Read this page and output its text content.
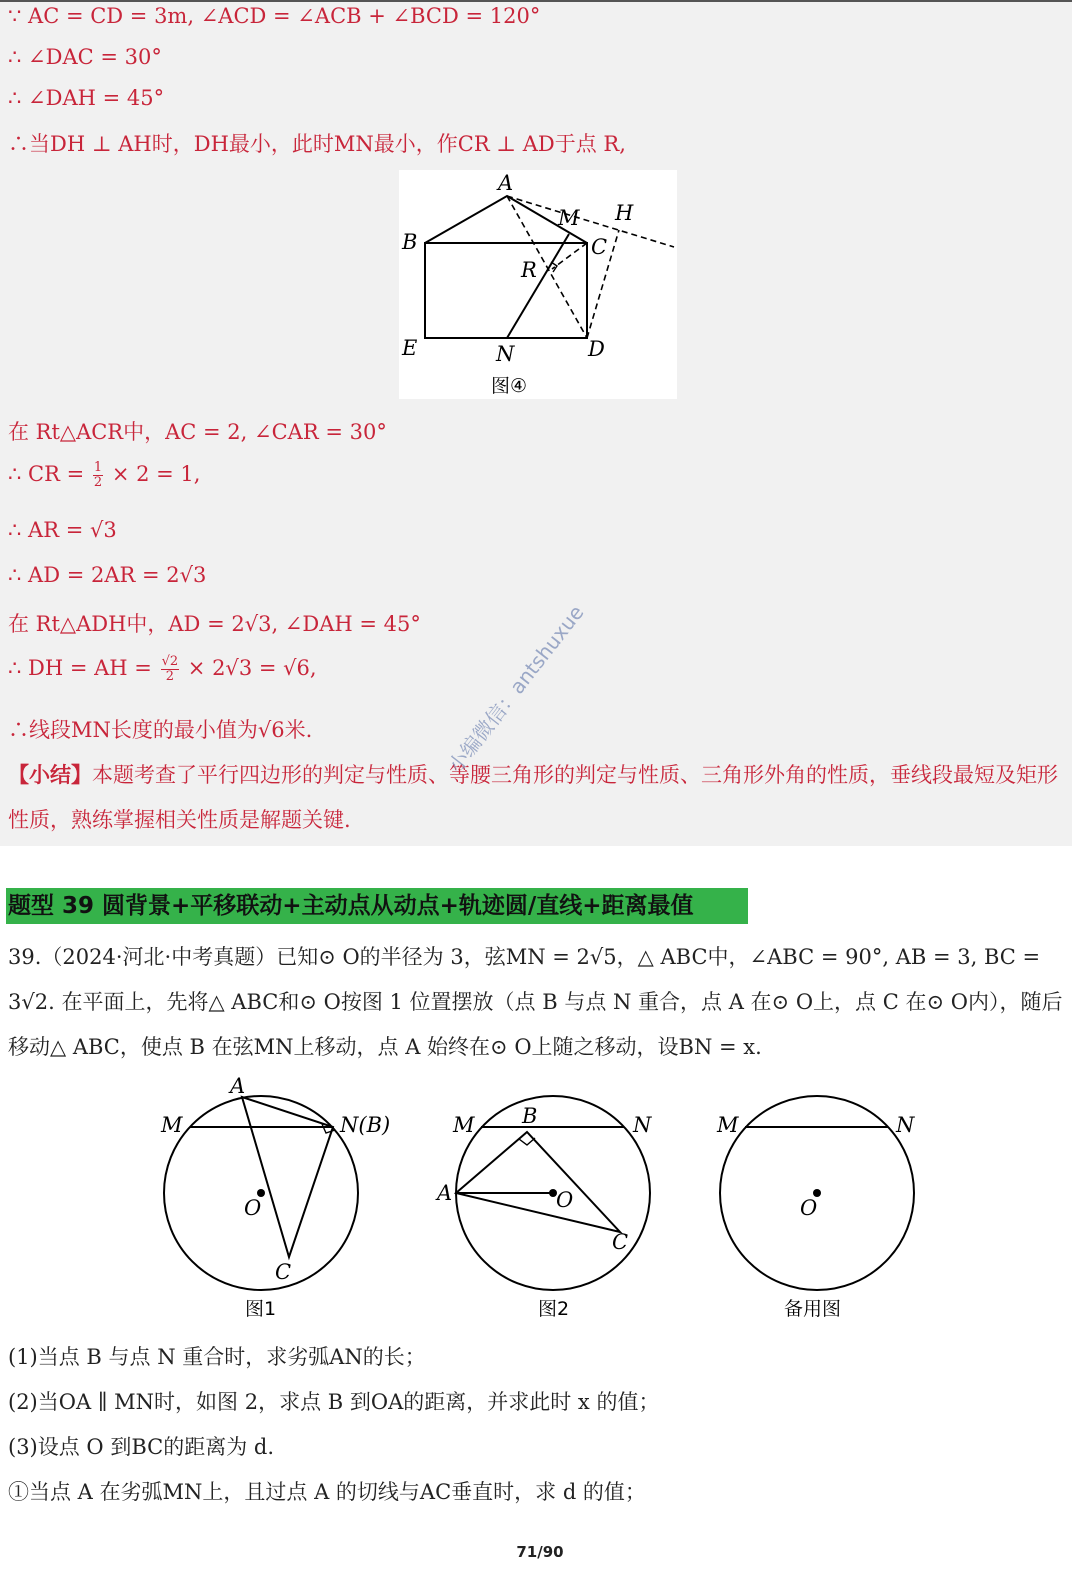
∵ AC = CD = 3m, ∠ACD = ∠ACB + ∠BCD = 120°
∴ ∠DAC = 30°
∴ ∠DAH = 45°
∴当DH ⊥ AH时，DH最小，此时MN最小，作CR ⊥ AD于点 R,
A
B	C
D
E
H
M
N
R
图④
在 Rt△ACR中，AC = 2, ∠CAR = 30°
∴ CR = $\frac{1}{2} \times 2 = 1$,
∴ AR = √3
∴ AD = 2AR = 2√3
在 Rt△ADH中，AD = 2√3, ∠DAH = 45°
∴ DH = AH = $\frac{√2}{2} \times 2√3 = √6$,
∴线段MN长度的最小值为√6米.
【小结】本题考查了平行四边形的判定与性质、等腰三角形的判定与性质、三角形外角的性质，垂线段最短及矩形性质，熟练掌握相关性质是解题关键.
小编微信：antshuxue
题型 39 圆背景+平移联动+主动点从动点+轨迹圆/直线+距离最值
39.（2024·河北·中考真题）已知⊙ O的半径为 3，弦MN = 2√5，△ ABC中，∠ABC = 90°, AB = 3, BC = 3√2. 在平面上，先将△ ABC和⊙ O按图 1 位置摆放（点 B 与点 N 重合，点 A 在⊙ O上，点 C 在⊙ O内），随后移动△ ABC，使点 B 在弦MN上移动，点 A 始终在⊙ O上随之移动，设BN = x.
A
M	N(B)
O
C
图1
M B	N
A	O
C
图2
M	N
O
备用图
(1)当点 B 与点 N 重合时，求劣弧AN的长；
(2)当OA ∥ MN时，如图 2，求点 B 到OA的距离，并求此时 x 的值；
(3)设点 O 到BC的距离为 d.
①当点 A 在劣弧MN上，且过点 A 的切线与AC垂直时，求 d 的值；
71/90
